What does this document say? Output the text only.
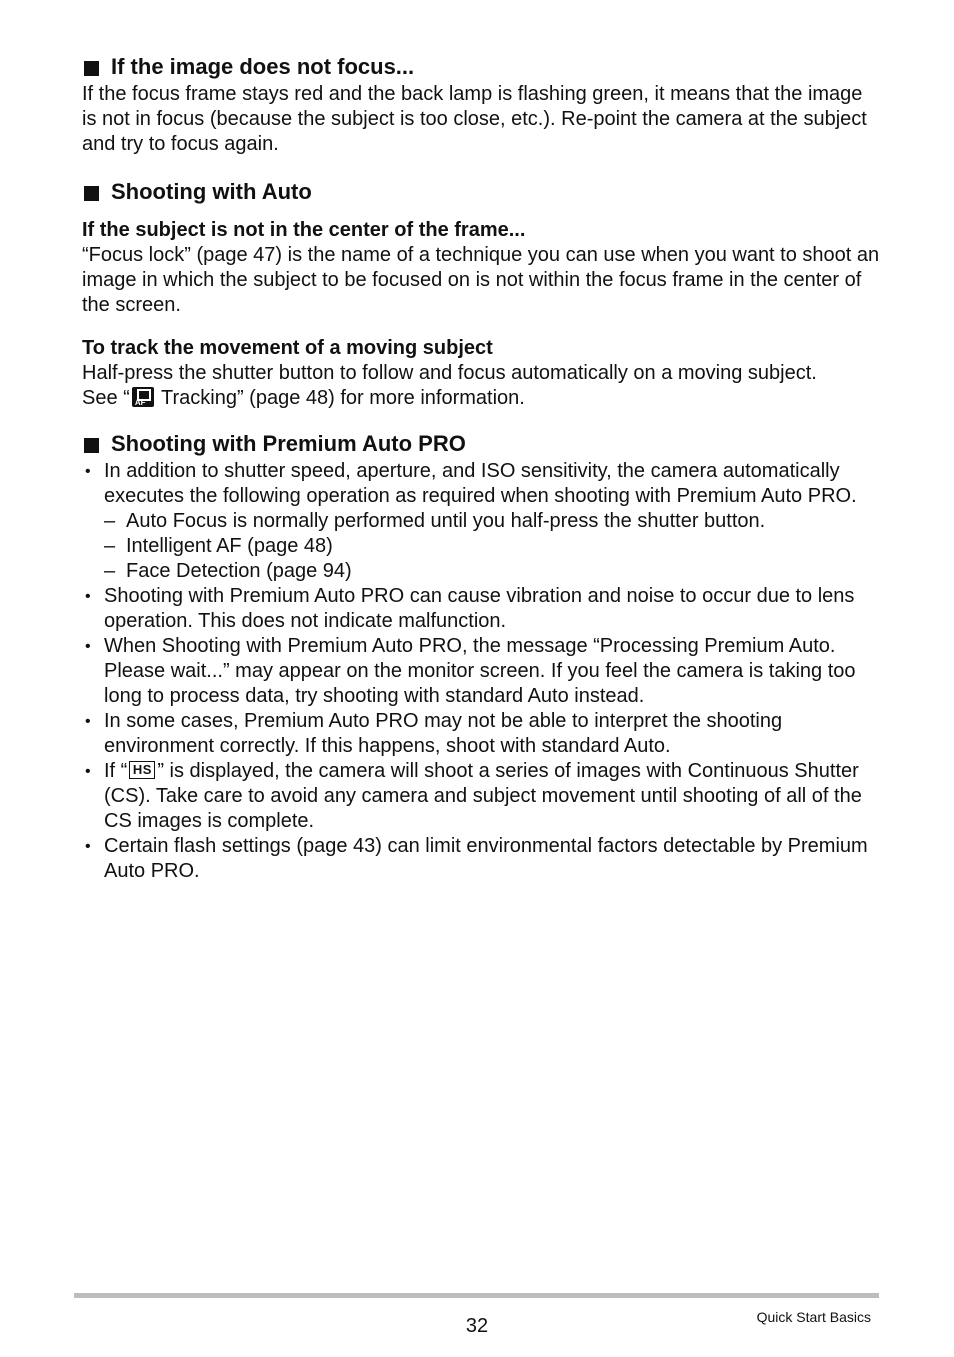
If the image does not focus...

If the focus frame stays red and the back lamp is flashing green, it means that the image is not in focus (because the subject is too close, etc.). Re-point the camera at the subject and try to focus again.

Shooting with Auto
If the subject is not in the center of the frame...

“Focus lock” (page 47) is the name of a technique you can use when you want to shoot an image in which the subject to be focused on is not within the focus frame in the center of the screen.

To track the movement of a moving subject

Half-press the shutter button to follow and focus automatically on a moving subject.

See “ AF Tracking” (page 48) for more information.

Shooting with Premium Auto PRO
• In addition to shutter speed, aperture, and ISO sensitivity, the camera automatically executes the following operation as required when shooting with Premium Auto PRO.
– Auto Focus is normally performed until you half-press the shutter button.
– Intelligent AF (page 48)
– Face Detection (page 94)
• Shooting with Premium Auto PRO can cause vibration and noise to occur due to lens operation. This does not indicate malfunction.
• When Shooting with Premium Auto PRO, the message “Processing Premium Auto. Please wait...” may appear on the monitor screen. If you feel the camera is taking too long to process data, try shooting with standard Auto instead.
• In some cases, Premium Auto PRO may not be able to interpret the shooting environment correctly. If this happens, shoot with standard Auto.
• If “ HS ” is displayed, the camera will shoot a series of images with Continuous Shutter (CS). Take care to avoid any camera and subject movement until shooting of all of the CS images is complete.
• Certain flash settings (page 43) can limit environmental factors detectable by Premium Auto PRO.
32	Quick Start Basics
